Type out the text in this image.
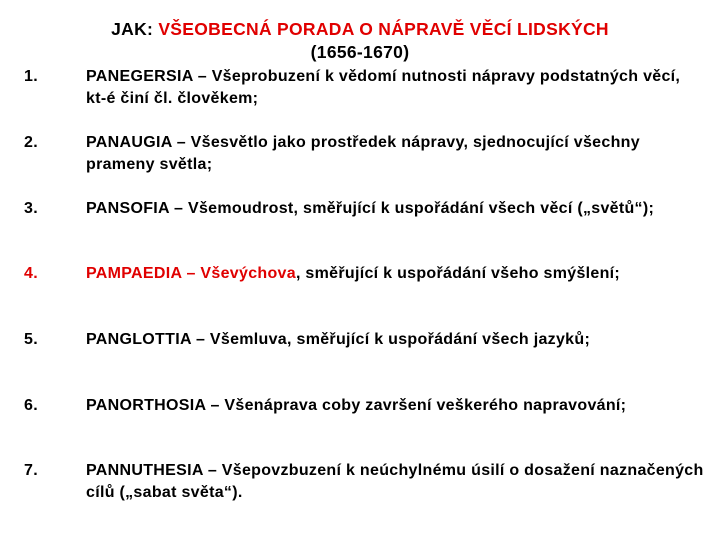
JAK: VŠEOBECNÁ PORADA O NÁPRAVĚ VĚCÍ LIDSKÝCH
(1656-1670)
1.	PANEGERSIA – Všeprobuzení k vědomí nutnosti nápravy podstatných věcí, kt-é činí čl. člověkem;
2.	PANAUGIA – Všesvětlo jako prostředek nápravy, sjednocující všechny prameny světla;
3.	PANSOFIA – Všemoudrost, směřující k uspořádání všech věcí („světů“);
4.	PAMPAEDIA – Vševýchova, směřující k uspořádání všeho smýšlení;
5.	PANGLOTTIA – Všemluva, směřující k uspořádání všech jazyků;
6.	PANORTHOSIA – Všenáprava coby završení veškerého napravování;
7.	PANNUTHESIA – Všepovzbuzení k neúchylnému úsilí o dosažení naznačených cílů („sabat světa“).
